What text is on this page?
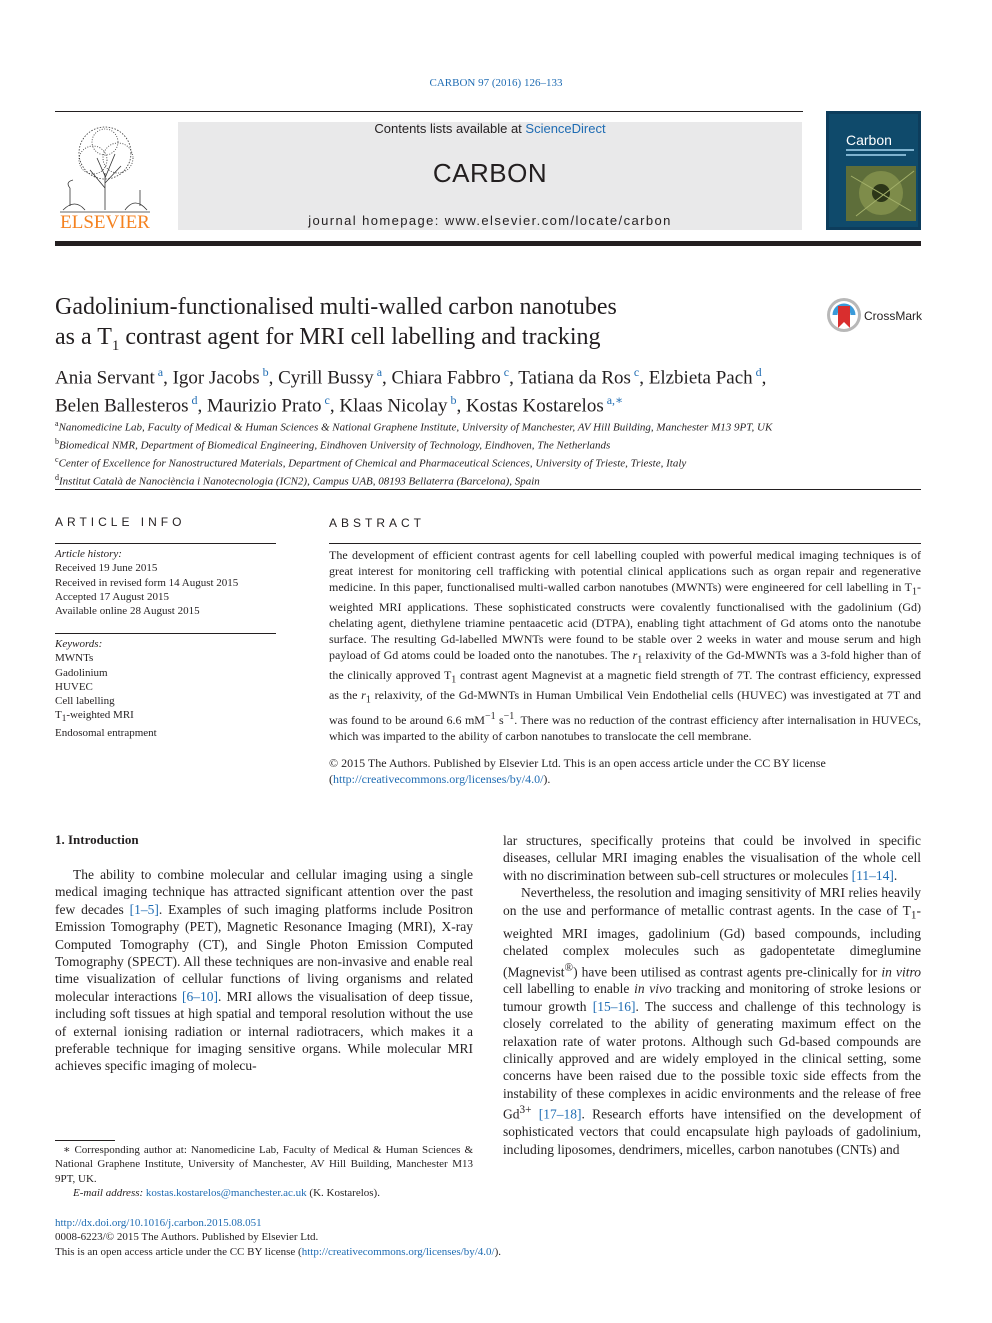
CARBON 97 (2016) 126–133
ELSEVIER
Contents lists available at ScienceDirect
CARBON
journal homepage: www.elsevier.com/locate/carbon
Carbon
Gadolinium-functionalised multi-walled carbon nanotubes
as a $T_1$ contrast agent for MRI cell labelling and tracking
CrossMark
Ania Servant $^a$, Igor Jacobs $^b$, Cyrill Bussy $^a$, Chiara Fabbro $^c$, Tatiana da Ros $^c$, Elzbieta Pach $^d$,
Belen Ballesteros $^d$, Maurizio Prato $^c$, Klaas Nicolay $^b$, Kostas Kostarelos $^{a,∗}$
$^a$Nanomedicine Lab, Faculty of Medical & Human Sciences & National Graphene Institute, University of Manchester, AV Hill Building, Manchester M13 9PT, UK
$^b$Biomedical NMR, Department of Biomedical Engineering, Eindhoven University of Technology, Eindhoven, The Netherlands
$^c$Center of Excellence for Nanostructured Materials, Department of Chemical and Pharmaceutical Sciences, University of Trieste, Trieste, Italy
$^d$Institut Català de Nanociència i Nanotecnologia (ICN2), Campus UAB, 08193 Bellaterra (Barcelona), Spain
ARTICLE INFO	ABSTRACT
Article history:
Received 19 June 2015
Received in revised form 14 August 2015
Accepted 17 August 2015
Available online 28 August 2015
Keywords:
MWNTs
Gadolinium
HUVEC
Cell labelling
$T_1$-weighted MRI
Endosomal entrapment
The development of efficient contrast agents for cell labelling coupled with powerful medical imaging techniques is of great interest for monitoring cell trafficking with potential clinical applications such as organ repair and regenerative medicine. In this paper, functionalised multi-walled carbon nanotubes (MWNTs) were engineered for cell labelling in $T_1$-weighted MRI applications. These sophisticated constructs were covalently functionalised with the gadolinium (Gd) chelating agent, diethylene triamine pentaacetic acid (DTPA), enabling tight attachment of Gd atoms onto the nanotube surface. The resulting Gd-labelled MWNTs were found to be stable over 2 weeks in water and mouse serum and high payload of Gd atoms could be loaded onto the nanotubes. The $r_1$ relaxivity of the Gd-MWNTs was a 3-fold higher than of the clinically approved $T_1$ contrast agent Magnevist at a magnetic field strength of 7T. The contrast efficiency, expressed as the $r_1$ relaxivity, of the Gd-MWNTs in Human Umbilical Vein Endothelial cells (HUVEC) was investigated at 7T and was found to be around 6.6 $mM^{-1}$ $s^{-1}$. There was no reduction of the contrast efficiency after internalisation in HUVECs, which was imparted to the ability of carbon nanotubes to translocate the cell membrane.
© 2015 The Authors. Published by Elsevier Ltd. This is an open access article under the CC BY license (http://creativecommons.org/licenses/by/4.0/).
1. Introduction

The ability to combine molecular and cellular imaging using a single medical imaging technique has attracted significant attention over the past few decades [1–5]. Examples of such imaging platforms include Positron Emission Tomography (PET), Magnetic Resonance Imaging (MRI), X-ray Computed Tomography (CT), and Single Photon Emission Computed Tomography (SPECT). All these techniques are non-invasive and enable real time visualization of cellular functions of living organisms and related molecular interactions [6–10]. MRI allows the visualisation of deep tissue, including soft tissues at high spatial and temporal resolution without the use of external ionising radiation or internal radiotracers, which makes it a preferable technique for imaging sensitive organs. While molecular MRI achieves specific imaging of molecu-

lar structures, specifically proteins that could be involved in specific diseases, cellular MRI imaging enables the visualisation of the whole cell with no discrimination between sub-cell structures or molecules [11–14].

Nevertheless, the resolution and imaging sensitivity of MRI relies heavily on the use and performance of metallic contrast agents. In the case of $T_1$-weighted MRI images, gadolinium (Gd) based compounds, including chelated complex molecules such as gadopentetate dimeglumine (Magnevist®) have been utilised as contrast agents pre-clinically for in vitro cell labelling to enable in vivo tracking and monitoring of stroke lesions or tumour growth [15–16]. The success and challenge of this technology is closely correlated to the ability of generating maximum effect on the relaxation rate of water protons. Although such Gd-based compounds are clinically approved and are widely employed in the clinical setting, some concerns have been raised due to the possible toxic side effects from the instability of these complexes in acidic environments and the release of free $Gd^{3+}$ [17–18]. Research efforts have intensified on the development of sophisticated vectors that could encapsulate high payloads of gadolinium, including liposomes, dendrimers, micelles, carbon nanotubes (CNTs) and

∗ Corresponding author at: Nanomedicine Lab, Faculty of Medical & Human Sciences & National Graphene Institute, University of Manchester, AV Hill Building, Manchester M13 9PT, UK.
E-mail address: kostas.kostarelos@manchester.ac.uk (K. Kostarelos).
http://dx.doi.org/10.1016/j.carbon.2015.08.051
0008-6223/© 2015 The Authors. Published by Elsevier Ltd.
This is an open access article under the CC BY license (http://creativecommons.org/licenses/by/4.0/).
